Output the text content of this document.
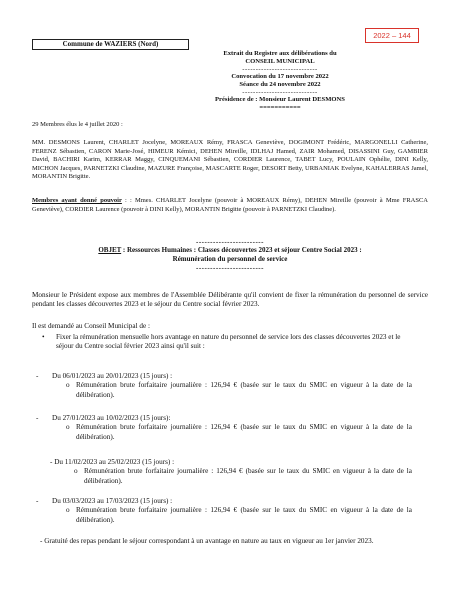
2022 – 144
Commune de WAZIERS (Nord)
Extrait du Registre aux délibérations du
CONSEIL MUNICIPAL
----------------------------
Convocation du 17 novembre 2022
Séance du 24 novembre 2022
----------------------------
Présidence de : Monsieur Laurent DESMONS
===========
29 Membres élus le 4 juillet 2020 :
MM. DESMONS Laurent, CHARLET Jocelyne, MOREAUX Rémy, FRASCA Geneviève, DOGIMONT Frédéric, MARGONELLI Catherine, FERENZ Sébastien, CARON Marie-José, HIMEUR Kémici, DEHEN Mireille, IDLHAJ Hamed, ZAIR Mohamed, DISASSINI Guy, GAMBIER David, BACHIRI Karim, KERRAR Maggy, CINQUEMANI Sébastien, CORDIER Laurence, TABET Lucy, POULAIN Ophélie, DINI Kelly, MICHON Jacques, PARNETZKI Claudine, MAZURE Françoise, MASCARTE Roger, DESORT Betty, URBANIAK Evelyne, KAHALERRAS Jamel, MORANTIN Brigitte.
Membres ayant donné pouvoir : : Mmes. CHARLET Jocelyne (pouvoir à MOREAUX Rémy), DEHEN Mireille (pouvoir à Mme FRASCA Geneviève), CORDIER Laurence (pouvoir à DINI Kelly), MORANTIN Brigitte (pouvoir à PARNETZKI Claudine).
------------------------
OBJET : Ressources Humaines : Classes découvertes 2023 et séjour Centre Social 2023 :
Rémunération du personnel de service
------------------------
Monsieur le Président expose aux membres de l'Assemblée Délibérante qu'il convient de fixer la rémunération du personnel de service pendant les classes découvertes 2023 et le séjour du Centre social février 2023.
Il est demandé au Conseil Municipal de :
• Fixer la rémunération mensuelle hors avantage en nature du personnel de service lors des classes découvertes 2023 et le séjour du Centre social février 2023 ainsi qu'il suit :
- Du 06/01/2023 au 20/01/2023 (15 jours) :
o Rémunération brute forfaitaire journalière : 126,94 € (basée sur le taux du SMIC en vigueur à la date de la délibération).
- Du 27/01/2023 au 10/02/2023 (15 jours):
o Rémunération brute forfaitaire journalière : 126,94 € (basée sur le taux du SMIC en vigueur à la date de la délibération).
- Du 11/02/2023 au 25/02/2023 (15 jours) :
o Rémunération brute forfaitaire journalière : 126,94 € (basée sur le taux du SMIC en vigueur à la date de la délibération).
- Du 03/03/2023 au 17/03/2023 (15 jours) :
o Rémunération brute forfaitaire journalière : 126,94 € (basée sur le taux du SMIC en vigueur à la date de la délibération).
- Gratuité des repas pendant le séjour correspondant à un avantage en nature au taux en vigueur au 1er janvier 2023.
